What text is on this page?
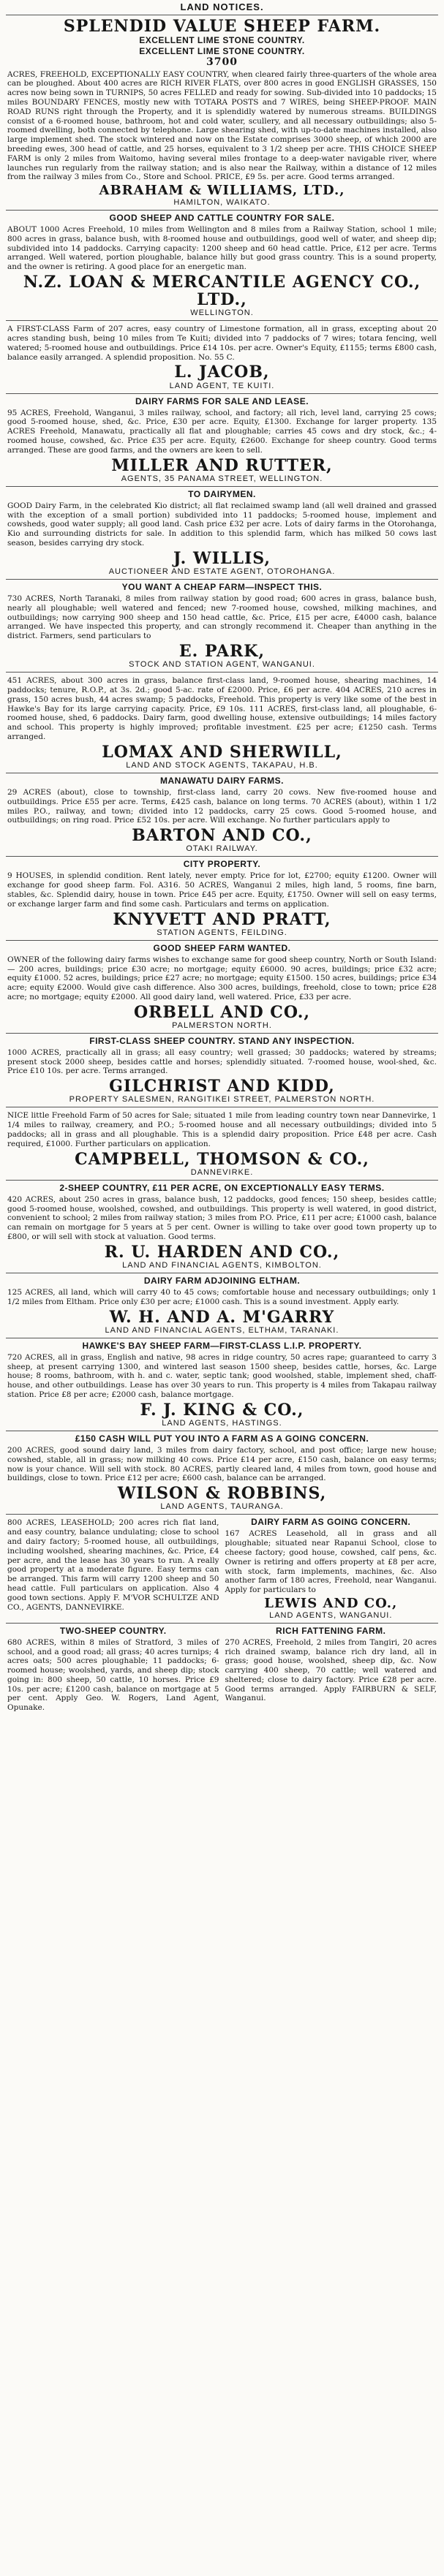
LAND NOTICES.
SPLENDID VALUE SHEEP FARM.
EXCELLENT LIME STONE COUNTRY.
EXCELLENT LIME STONE COUNTRY.
3700

ACRES, FREEHOLD, EXCEPTIONALLY EASY COUNTRY, when cleared fairly three-quarters of the whole area can be ploughed. About 400 acres are RICH RIVER FLATS, over 800 acres in good ENGLISH GRASSES, 150 acres now being sown in TURNIPS, 50 acres FELLED and ready for sowing. Sub-divided into 10 paddocks; 15 miles BOUNDARY FENCES, mostly new with TOTARA POSTS and 7 WIRES, being SHEEP-PROOF. MAIN ROAD RUNS right through the Property, and it is splendidly watered by numerous streams. BUILDINGS consist of a 6-roomed house, bathroom, hot and cold water, scullery, and all necessary outbuildings; also 5-roomed dwelling, both connected by telephone. Large shearing shed, with up-to-date machines installed, also large implement shed. The stock wintered and now on the Estate comprises 3000 sheep, of which 2000 are breeding ewes, 300 head of cattle, and 25 horses, equivalent to 3 1/2 sheep per acre. THIS CHOICE SHEEP FARM is only 2 miles from Waitomo, having several miles frontage to a deep-water navigable river, where launches run regularly from the railway station; and is also near the Railway, within a distance of 12 miles from the railway 3 miles from Co., Store and School. PRICE, £9 5s. per acre. Good terms arranged.

ABRAHAM & WILLIAMS, LTD.,
HAMILTON, WAIKATO.
GOOD SHEEP AND CATTLE COUNTRY FOR SALE.

ABOUT 1000 Acres Freehold, 10 miles from Wellington and 8 miles from a Railway Station, school 1 mile; 800 acres in grass, balance bush, with 8-roomed house and outbuildings, good well of water, and sheep dip; subdivided into 14 paddocks. Carrying capacity: 1200 sheep and 60 head cattle. Price, £12 per acre. Terms arranged. Well watered, portion ploughable, balance hilly but good grass country. This is a sound property, and the owner is retiring. A good place for an energetic man.

N.Z. LOAN & MERCANTILE AGENCY CO., LTD.,
WELLINGTON.

A FIRST-CLASS Farm of 207 acres, easy country of Limestone formation, all in grass, excepting about 20 acres standing bush, being 10 miles from Te Kuiti; divided into 7 paddocks of 7 wires; totara fencing, well watered; 5-roomed house and outbuildings. Price £14 10s. per acre. Owner's Equity, £1155; terms £800 cash, balance easily arranged. A splendid proposition. No. 55 C.

L. JACOB,
LAND AGENT, TE KUITI.
DAIRY FARMS FOR SALE AND LEASE.

95 ACRES, Freehold, Wanganui, 3 miles railway, school, and factory; all rich, level land, carrying 25 cows; good 5-roomed house, shed, &c. Price, £30 per acre. Equity, £1300. Exchange for larger property. 135 ACRES Freehold, Manawatu, practically all flat and ploughable; carries 45 cows and dry stock, &c.; 4-roomed house, cowshed, &c. Price £35 per acre. Equity, £2600. Exchange for sheep country. Good terms arranged. These are good farms, and the owners are keen to sell.

MILLER AND RUTTER,
AGENTS, 35 PANAMA STREET, WELLINGTON.
TO DAIRYMEN.

GOOD Dairy Farm, in the celebrated Kio district; all flat reclaimed swamp land (all well drained and grassed with the exception of a small portion) subdivided into 11 paddocks; 5-roomed house, implement and cowsheds, good water supply; all good land. Cash price £32 per acre. Lots of dairy farms in the Otorohanga, Kio and surrounding districts for sale. In addition to this splendid farm, which has milked 50 cows last season, besides carrying dry stock.

J. WILLIS,
AUCTIONEER AND ESTATE AGENT, OTOROHANGA.
YOU WANT A CHEAP FARM—INSPECT THIS.

730 ACRES, North Taranaki, 8 miles from railway station by good road; 600 acres in grass, balance bush, nearly all ploughable; well watered and fenced; new 7-roomed house, cowshed, milking machines, and outbuildings; now carrying 900 sheep and 150 head cattle, &c. Price, £15 per acre, £4000 cash, balance arranged. We have inspected this property, and can strongly recommend it. Cheaper than anything in the district. Farmers, send particulars to

E. PARK,
STOCK AND STATION AGENT, WANGANUI.

451 ACRES, about 300 acres in grass, balance first-class land, 9-roomed house, shearing machines, 14 paddocks; tenure, R.O.P., at 3s. 2d.; good 5-ac. rate of £2000. Price, £6 per acre. 404 ACRES, 210 acres in grass, 150 acres bush, 44 acres swamp; 5 paddocks, Freehold. This property is very like some of the best in Hawke's Bay for its large carrying capacity. Price, £9 10s. 111 ACRES, first-class land, all ploughable, 6-roomed house, shed, 6 paddocks. Dairy farm, good dwelling house, extensive outbuildings; 14 miles factory and school. This property is highly improved; profitable investment. £25 per acre; £1250 cash. Terms arranged.

LOMAX AND SHERWILL,
LAND AND STOCK AGENTS, TAKAPAU, H.B.
MANAWATU DAIRY FARMS.

29 ACRES (about), close to township, first-class land, carry 20 cows. New five-roomed house and outbuildings. Price £55 per acre. Terms, £425 cash, balance on long terms. 70 ACRES (about), within 1 1/2 miles P.O., railway, and town; divided into 12 paddocks, carry 25 cows. Good 5-roomed house, and outbuildings; on ring road. Price £52 10s. per acre. Will exchange. No further particulars apply to

BARTON AND CO.,
OTAKI RAILWAY.
CITY PROPERTY.

9 HOUSES, in splendid condition. Rent lately, never empty. Price for lot, £2700; equity £1200. Owner will exchange for good sheep farm. Fol. A316. 50 ACRES, Wanganui 2 miles, high land, 5 rooms, fine barn, stables, &c. Splendid dairy, house in town. Price £45 per acre. Equity, £1750. Owner will sell on easy terms, or exchange larger farm and find some cash. Particulars and terms on application.

KNYVETT AND PRATT,
STATION AGENTS, FEILDING.
GOOD SHEEP FARM WANTED.

OWNER of the following dairy farms wishes to exchange same for good sheep country, North or South Island:— 200 acres, buildings; price £30 acre; no mortgage; equity £6000. 90 acres, buildings; price £32 acre; equity £1000. 52 acres, buildings; price £27 acre; no mortgage; equity £1500. 150 acres, buildings; price £34 acre; equity £2000. Would give cash difference. Also 300 acres, buildings, freehold, close to town; price £28 acre; no mortgage; equity £2000. All good dairy land, well watered. Price, £33 per acre.

ORBELL AND CO.,
PALMERSTON NORTH.
FIRST-CLASS SHEEP COUNTRY. STAND ANY INSPECTION.

1000 ACRES, practically all in grass; all easy country; well grassed; 30 paddocks; watered by streams; present stock 2000 sheep, besides cattle and horses; splendidly situated. 7-roomed house, wool-shed, &c. Price £10 10s. per acre. Terms arranged.

GILCHRIST AND KIDD,
PROPERTY SALESMEN, RANGITIKEI STREET, PALMERSTON NORTH.

NICE little Freehold Farm of 50 acres for Sale; situated 1 mile from leading country town near Dannevirke, 1 1/4 miles to railway, creamery, and P.O.; 5-roomed house and all necessary outbuildings; divided into 5 paddocks; all in grass and all ploughable. This is a splendid dairy proposition. Price £48 per acre. Cash required, £1000. Further particulars on application.

CAMPBELL, THOMSON & CO.,
DANNEVIRKE.
2-SHEEP COUNTRY, £11 PER ACRE, ON EXCEPTIONALLY EASY TERMS.

420 ACRES, about 250 acres in grass, balance bush, 12 paddocks, good fences; 150 sheep, besides cattle; good 5-roomed house, woolshed, cowshed, and outbuildings. This property is well watered, in good district, convenient to school; 2 miles from railway station; 3 miles from P.O. Price, £11 per acre; £1000 cash, balance can remain on mortgage for 5 years at 5 per cent. Owner is willing to take over good town property up to £800, or will sell with stock at valuation. Good terms.

R. U. HARDEN AND CO.,
LAND AND FINANCIAL AGENTS, KIMBOLTON.
DAIRY FARM ADJOINING ELTHAM.

125 ACRES, all land, which will carry 40 to 45 cows; comfortable house and necessary outbuildings; only 1 1/2 miles from Eltham. Price only £30 per acre; £1000 cash. This is a sound investment. Apply early.

W. H. AND A. M'GARRY
LAND AND FINANCIAL AGENTS, ELTHAM, TARANAKI.
HAWKE'S BAY SHEEP FARM—FIRST-CLASS L.I.P. PROPERTY.

720 ACRES, all in grass, English and native, 98 acres in ridge country, 50 acres rape; guaranteed to carry 3 sheep, at present carrying 1300, and wintered last season 1500 sheep, besides cattle, horses, &c. Large house; 8 rooms, bathroom, with h. and c. water, septic tank; good woolshed, stable, implement shed, chaff-house, and other outbuildings. Lease has over 30 years to run. This property is 4 miles from Takapau railway station. Price £8 per acre; £2000 cash, balance mortgage.

F. J. KING & CO.,
LAND AGENTS, HASTINGS.
£150 CASH WILL PUT YOU INTO A FARM AS A GOING CONCERN.

200 ACRES, good sound dairy land, 3 miles from dairy factory, school, and post office; large new house; cowshed, stable, all in grass; now milking 40 cows. Price £14 per acre, £150 cash, balance on easy terms; now is your chance. Will sell with stock. 80 ACRES, partly cleared land, 4 miles from town, good house and buildings, close to town. Price £12 per acre; £600 cash, balance can be arranged.

WILSON & ROBBINS,
LAND AGENTS, TAURANGA.

800 ACRES, LEASEHOLD; 200 acres rich flat land, and easy country, balance undulating; close to school and dairy factory; 5-roomed house, all outbuildings, including woolshed, shearing machines, &c. Price, £4 per acre, and the lease has 30 years to run. A really good property at a moderate figure. Easy terms can be arranged. This farm will carry 1200 sheep and 50 head cattle. Full particulars on application. Also 4 good town sections. Apply F. M'VOR SCHULTZE AND CO., AGENTS, DANNEVIRKE.

DAIRY FARM AS GOING CONCERN.

167 ACRES Leasehold, all in grass and all ploughable; situated near Rapanui School, close to cheese factory; good house, cowshed, calf pens, &c. Owner is retiring and offers property at £8 per acre, with stock, farm implements, machines, &c. Also another farm of 180 acres, Freehold, near Wanganui. Apply for particulars to

LEWIS AND CO.,
LAND AGENTS, WANGANUI.
TWO-SHEEP COUNTRY.

680 ACRES, within 8 miles of Stratford, 3 miles of school, and a good road; all grass; 40 acres turnips; 4 acres oats; 500 acres ploughable; 11 paddocks; 6-roomed house; woolshed, yards, and sheep dip; stock going in: 800 sheep, 50 cattle, 10 horses. Price £9 10s. per acre; £1200 cash, balance on mortgage at 5 per cent. Apply Geo. W. Rogers, Land Agent, Opunake.

RICH FATTENING FARM.

270 ACRES, Freehold, 2 miles from Tangiri, 20 acres rich drained swamp, balance rich dry land, all in grass; good house, woolshed, sheep dip, &c. Now carrying 400 sheep, 70 cattle; well watered and sheltered; close to dairy factory. Price £28 per acre. Good terms arranged. Apply FAIRBURN & SELF, Wanganui.
